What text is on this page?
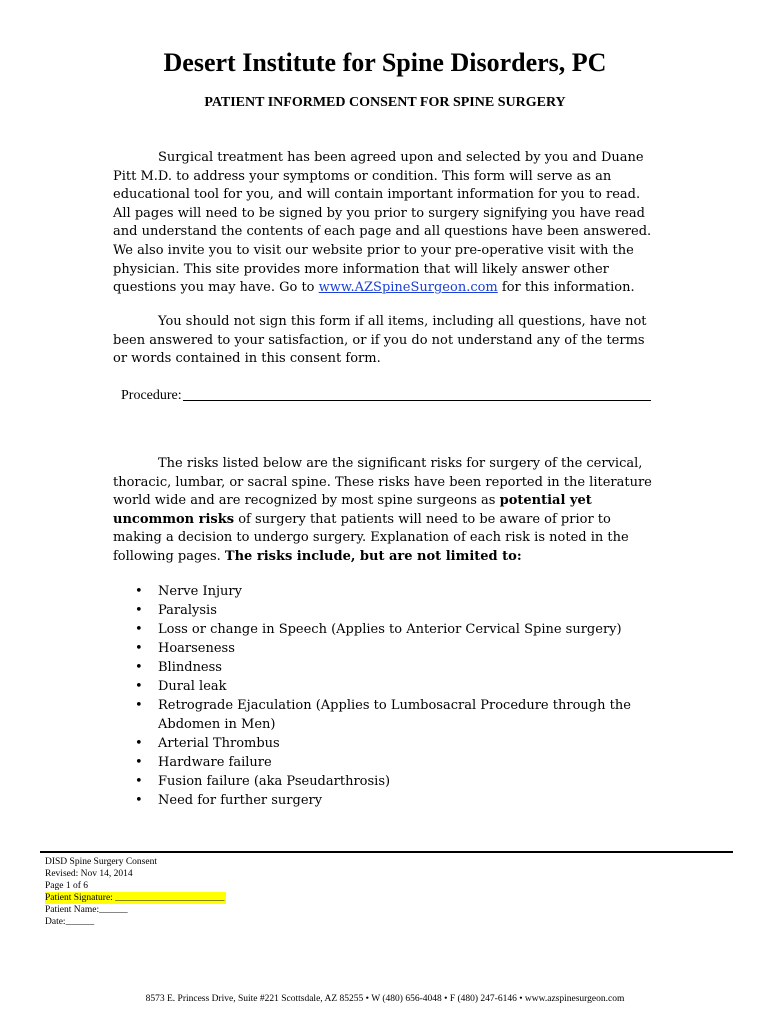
Desert Institute for Spine Disorders, PC
PATIENT INFORMED CONSENT FOR SPINE SURGERY

Surgical treatment has been agreed upon and selected by you and Duane Pitt M.D. to address your symptoms or condition. This form will serve as an educational tool for you, and will contain important information for you to read. All pages will need to be signed by you prior to surgery signifying you have read and understand the contents of each page and all questions have been answered. We also invite you to visit our website prior to your pre-operative visit with the physician. This site provides more information that will likely answer other questions you may have. Go to www.AZSpineSurgeon.com for this information.

You should not sign this form if all items, including all questions, have not been answered to your satisfaction, or if you do not understand any of the terms or words contained in this consent form.

Procedure:

The risks listed below are the significant risks for surgery of the cervical, thoracic, lumbar, or sacral spine. These risks have been reported in the literature world wide and are recognized by most spine surgeons as potential yet uncommon risks of surgery that patients will need to be aware of prior to making a decision to undergo surgery. Explanation of each risk is noted in the following pages. The risks include, but are not limited to:

• Nerve Injury
• Paralysis
• Loss or change in Speech (Applies to Anterior Cervical Spine surgery)
• Hoarseness
• Blindness
• Dural leak
• Retrograde Ejaculation (Applies to Lumbosacral Procedure through the Abdomen in Men)
• Arterial Thrombus
• Hardware failure
• Fusion failure (aka Pseudarthrosis)
• Need for further surgery
DISD Spine Surgery Consent
Revised: Nov 14, 2014
Page 1 of 6
Patient Signature: _______________________
Patient Name:______
Date:______
8573 E. Princess Drive, Suite #221 Scottsdale, AZ 85255 • W (480) 656-4048 • F (480) 247-6146 • www.azspinesurgeon.com
